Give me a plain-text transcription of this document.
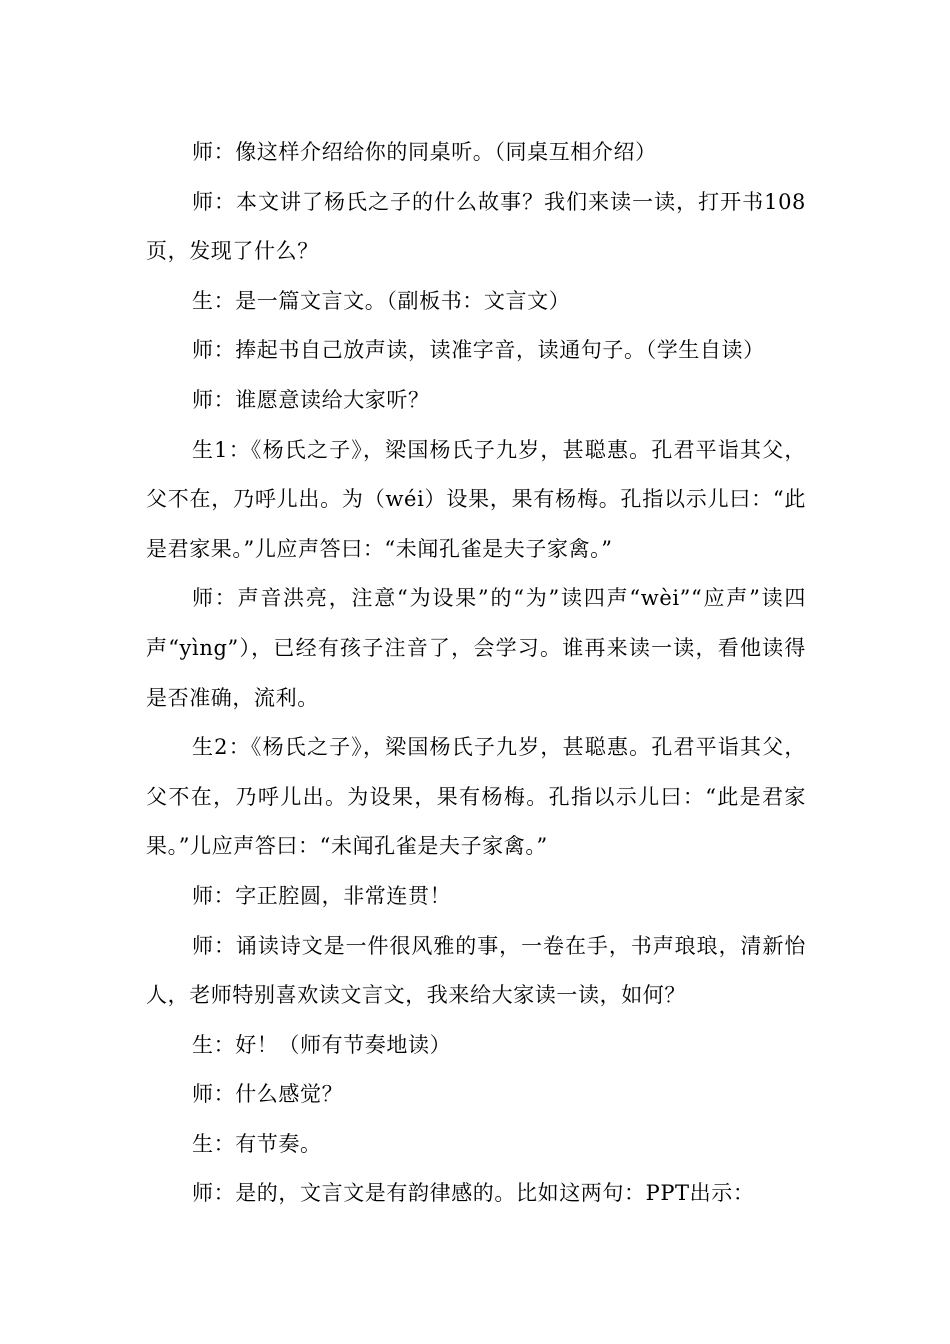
师：像这样介绍给你的同桌听。（同桌互相介绍）

师：本文讲了杨氏之子的什么故事？我们来读一读，打开书108页，发现了什么？

生：是一篇文言文。（副板书：文言文）

师：捧起书自己放声读，读准字音，读通句子。（学生自读）

师：谁愿意读给大家听？

生1：《杨氏之子》，梁国杨氏子九岁，甚聪惠。孔君平诣其父，父不在，乃呼儿出。为（wéi）设果，果有杨梅。孔指以示儿曰：“此是君家果。”儿应声答曰：“未闻孔雀是夫子家禽。”

师：声音洪亮，注意“为设果”的“为”读四声“wèi”“应声”读四声“yìng”），已经有孩子注音了，会学习。谁再来读一读，看他读得是否准确，流利。

生2：《杨氏之子》，梁国杨氏子九岁，甚聪惠。孔君平诣其父，父不在，乃呼儿出。为设果，果有杨梅。孔指以示儿曰：“此是君家果。”儿应声答曰：“未闻孔雀是夫子家禽。”

师：字正腔圆，非常连贯！

师：诵读诗文是一件很风雅的事，一卷在手，书声琅琅，清新怡人，老师特别喜欢读文言文，我来给大家读一读，如何？

生：好！（师有节奏地读）

师：什么感觉？

生：有节奏。

师：是的，文言文是有韵律感的。比如这两句：PPT出示：
